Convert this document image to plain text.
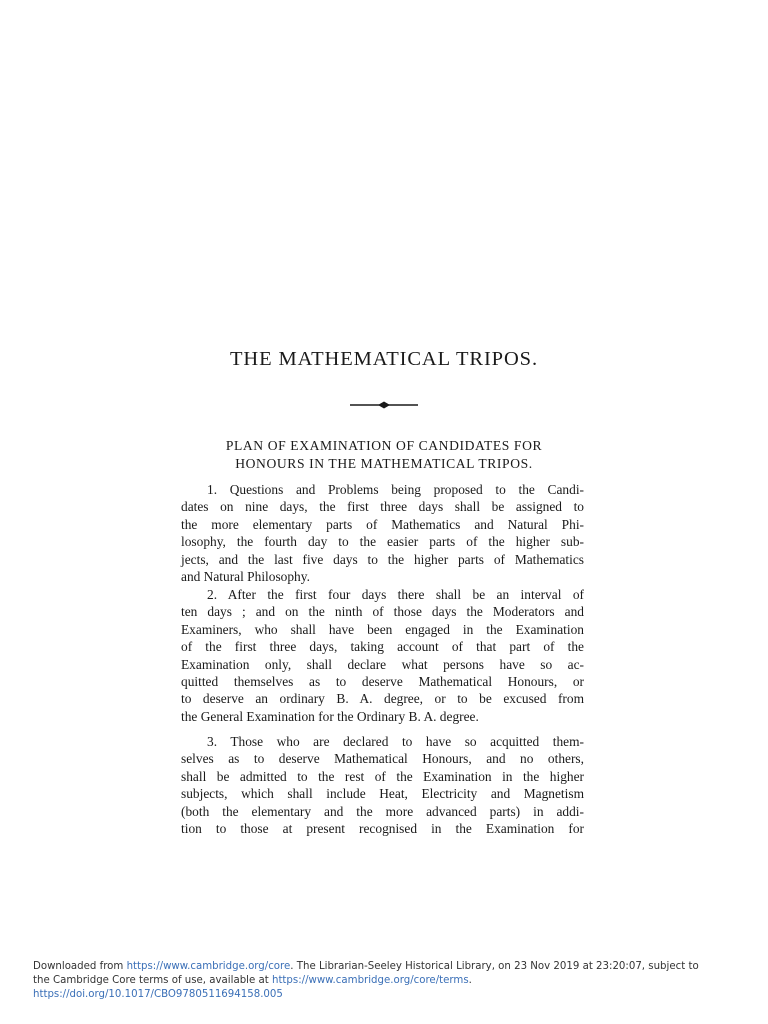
THE MATHEMATICAL TRIPOS.
PLAN OF EXAMINATION OF CANDIDATES FOR
HONOURS IN THE MATHEMATICAL TRIPOS.
1. Questions and Problems being proposed to the Candi-
dates on nine days, the first three days shall be assigned to
the more elementary parts of Mathematics and Natural Phi-
losophy, the fourth day to the easier parts of the higher sub-
jects, and the last five days to the higher parts of Mathematics
and Natural Philosophy.
2. After the first four days there shall be an interval of
ten days ; and on the ninth of those days the Moderators and
Examiners, who shall have been engaged in the Examination
of the first three days, taking account of that part of the
Examination only, shall declare what persons have so ac-
quitted themselves as to deserve Mathematical Honours, or
to deserve an ordinary B. A. degree, or to be excused from
the General Examination for the Ordinary B. A. degree.
3. Those who are declared to have so acquitted them-
selves as to deserve Mathematical Honours, and no others,
shall be admitted to the rest of the Examination in the higher
subjects, which shall include Heat, Electricity and Magnetism
(both the elementary and the more advanced parts) in addi-
tion to those at present recognised in the Examination for
Downloaded from https://www.cambridge.org/core. The Librarian-Seeley Historical Library, on 23 Nov 2019 at 23:20:07, subject to
the Cambridge Core terms of use, available at https://www.cambridge.org/core/terms.
https://doi.org/10.1017/CBO9780511694158.005
